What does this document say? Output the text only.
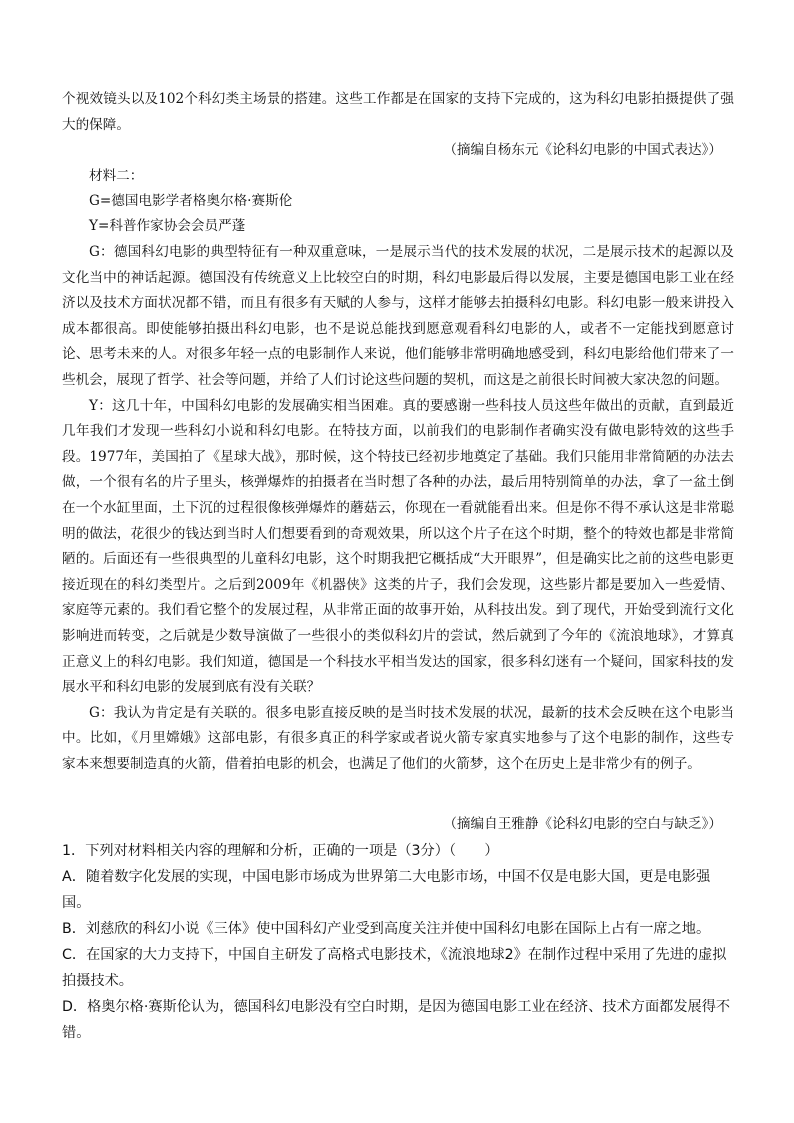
个视效镜头以及102个科幻类主场景的搭建。这些工作都是在国家的支持下完成的，这为科幻电影拍摄提供了强大的保障。

（摘编自杨东元《论科幻电影的中国式表达》）
材料二：
G=德国电影学者格奥尔格·赛斯伦
Y=科普作家协会会员严蓬

G：德国科幻电影的典型特征有一种双重意味，一是展示当代的技术发展的状况，二是展示技术的起源以及文化当中的神话起源。德国没有传统意义上比较空白的时期，科幻电影最后得以发展，主要是德国电影工业在经济以及技术方面状况都不错，而且有很多有天赋的人参与，这样才能够去拍摄科幻电影。科幻电影一般来讲投入成本都很高。即使能够拍摄出科幻电影，也不是说总能找到愿意观看科幻电影的人，或者不一定能找到愿意讨论、思考未来的人。对很多年轻一点的电影制作人来说，他们能够非常明确地感受到，科幻电影给他们带来了一些机会，展现了哲学、社会等问题，并给了人们讨论这些问题的契机，而这是之前很长时间被大家决忽的问题。

Y：这几十年，中国科幻电影的发展确实相当困难。真的要感谢一些科技人员这些年做出的贡献，直到最近几年我们才发现一些科幻小说和科幻电影。在特技方面，以前我们的电影制作者确实没有做电影特效的这些手段。1977年，美国拍了《星球大战》，那时候，这个特技已经初步地奠定了基础。我们只能用非常简陋的办法去做，一个很有名的片子里头，核弹爆炸的拍摄者在当时想了各种的办法，最后用特别简单的办法，拿了一盆土倒在一个水缸里面，土下沉的过程很像核弹爆炸的蘑菇云，你现在一看就能看出来。但是你不得不承认这是非常聪明的做法，花很少的钱达到当时人们想要看到的奇观效果，所以这个片子在这个时期，整个的特效也都是非常简陋的。后面还有一些很典型的儿童科幻电影，这个时期我把它概括成“大开眼界”，但是确实比之前的这些电影更接近现在的科幻类型片。之后到2009年《机器侠》这类的片子，我们会发现，这些影片都是要加入一些爱情、家庭等元素的。我们看它整个的发展过程，从非常正面的故事开始，从科技出发。到了现代，开始受到流行文化影响进而转变，之后就是少数导演做了一些很小的类似科幻片的尝试，然后就到了今年的《流浪地球》，才算真正意义上的科幻电影。我们知道，德国是一个科技水平相当发达的国家，很多科幻迷有一个疑问，国家科技的发展水平和科幻电影的发展到底有没有关联？

G：我认为肯定是有关联的。很多电影直接反映的是当时技术发展的状况，最新的技术会反映在这个电影当中。比如，《月里嫦娥》这部电影，有很多真正的科学家或者说火箭专家真实地参与了这个电影的制作，这些专家本来想要制造真的火箭，借着拍电影的机会，也满足了他们的火箭梦，这个在历史上是非常少有的例子。

（摘编自王雅静《论科幻电影的空白与缺乏》）
1．下列对材料相关内容的理解和分析，正确的一项是（3分）（　　）
A．随着数字化发展的实现，中国电影市场成为世界第二大电影市场，中国不仅是电影大国，更是电影强国。
B．刘慈欣的科幻小说《三体》使中国科幻产业受到高度关注并使中国科幻电影在国际上占有一席之地。
C．在国家的大力支持下，中国自主研发了高格式电影技术，《流浪地球2》在制作过程中采用了先进的虚拟拍摄技术。
D．格奥尔格·赛斯伦认为，德国科幻电影没有空白时期，是因为德国电影工业在经济、技术方面都发展得不错。
